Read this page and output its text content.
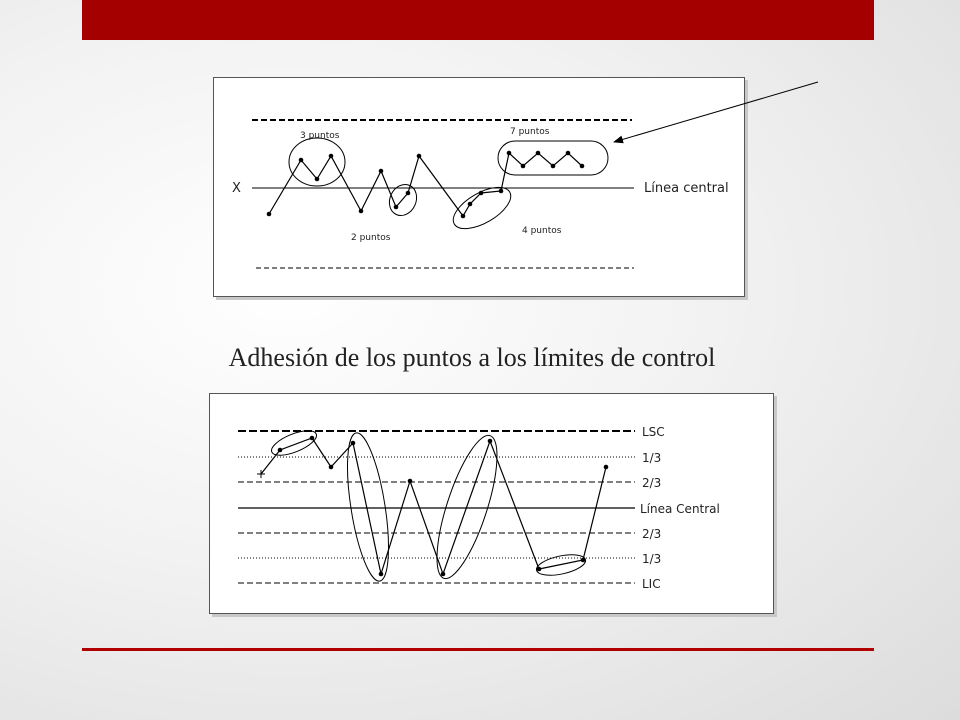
X	Línea central
3 puntos	7 puntos
2 puntos
4 puntos
Adhesión de los puntos a los límites de control
LSC
1/3
2/3
Línea Central
2/3
1/3
LIC
